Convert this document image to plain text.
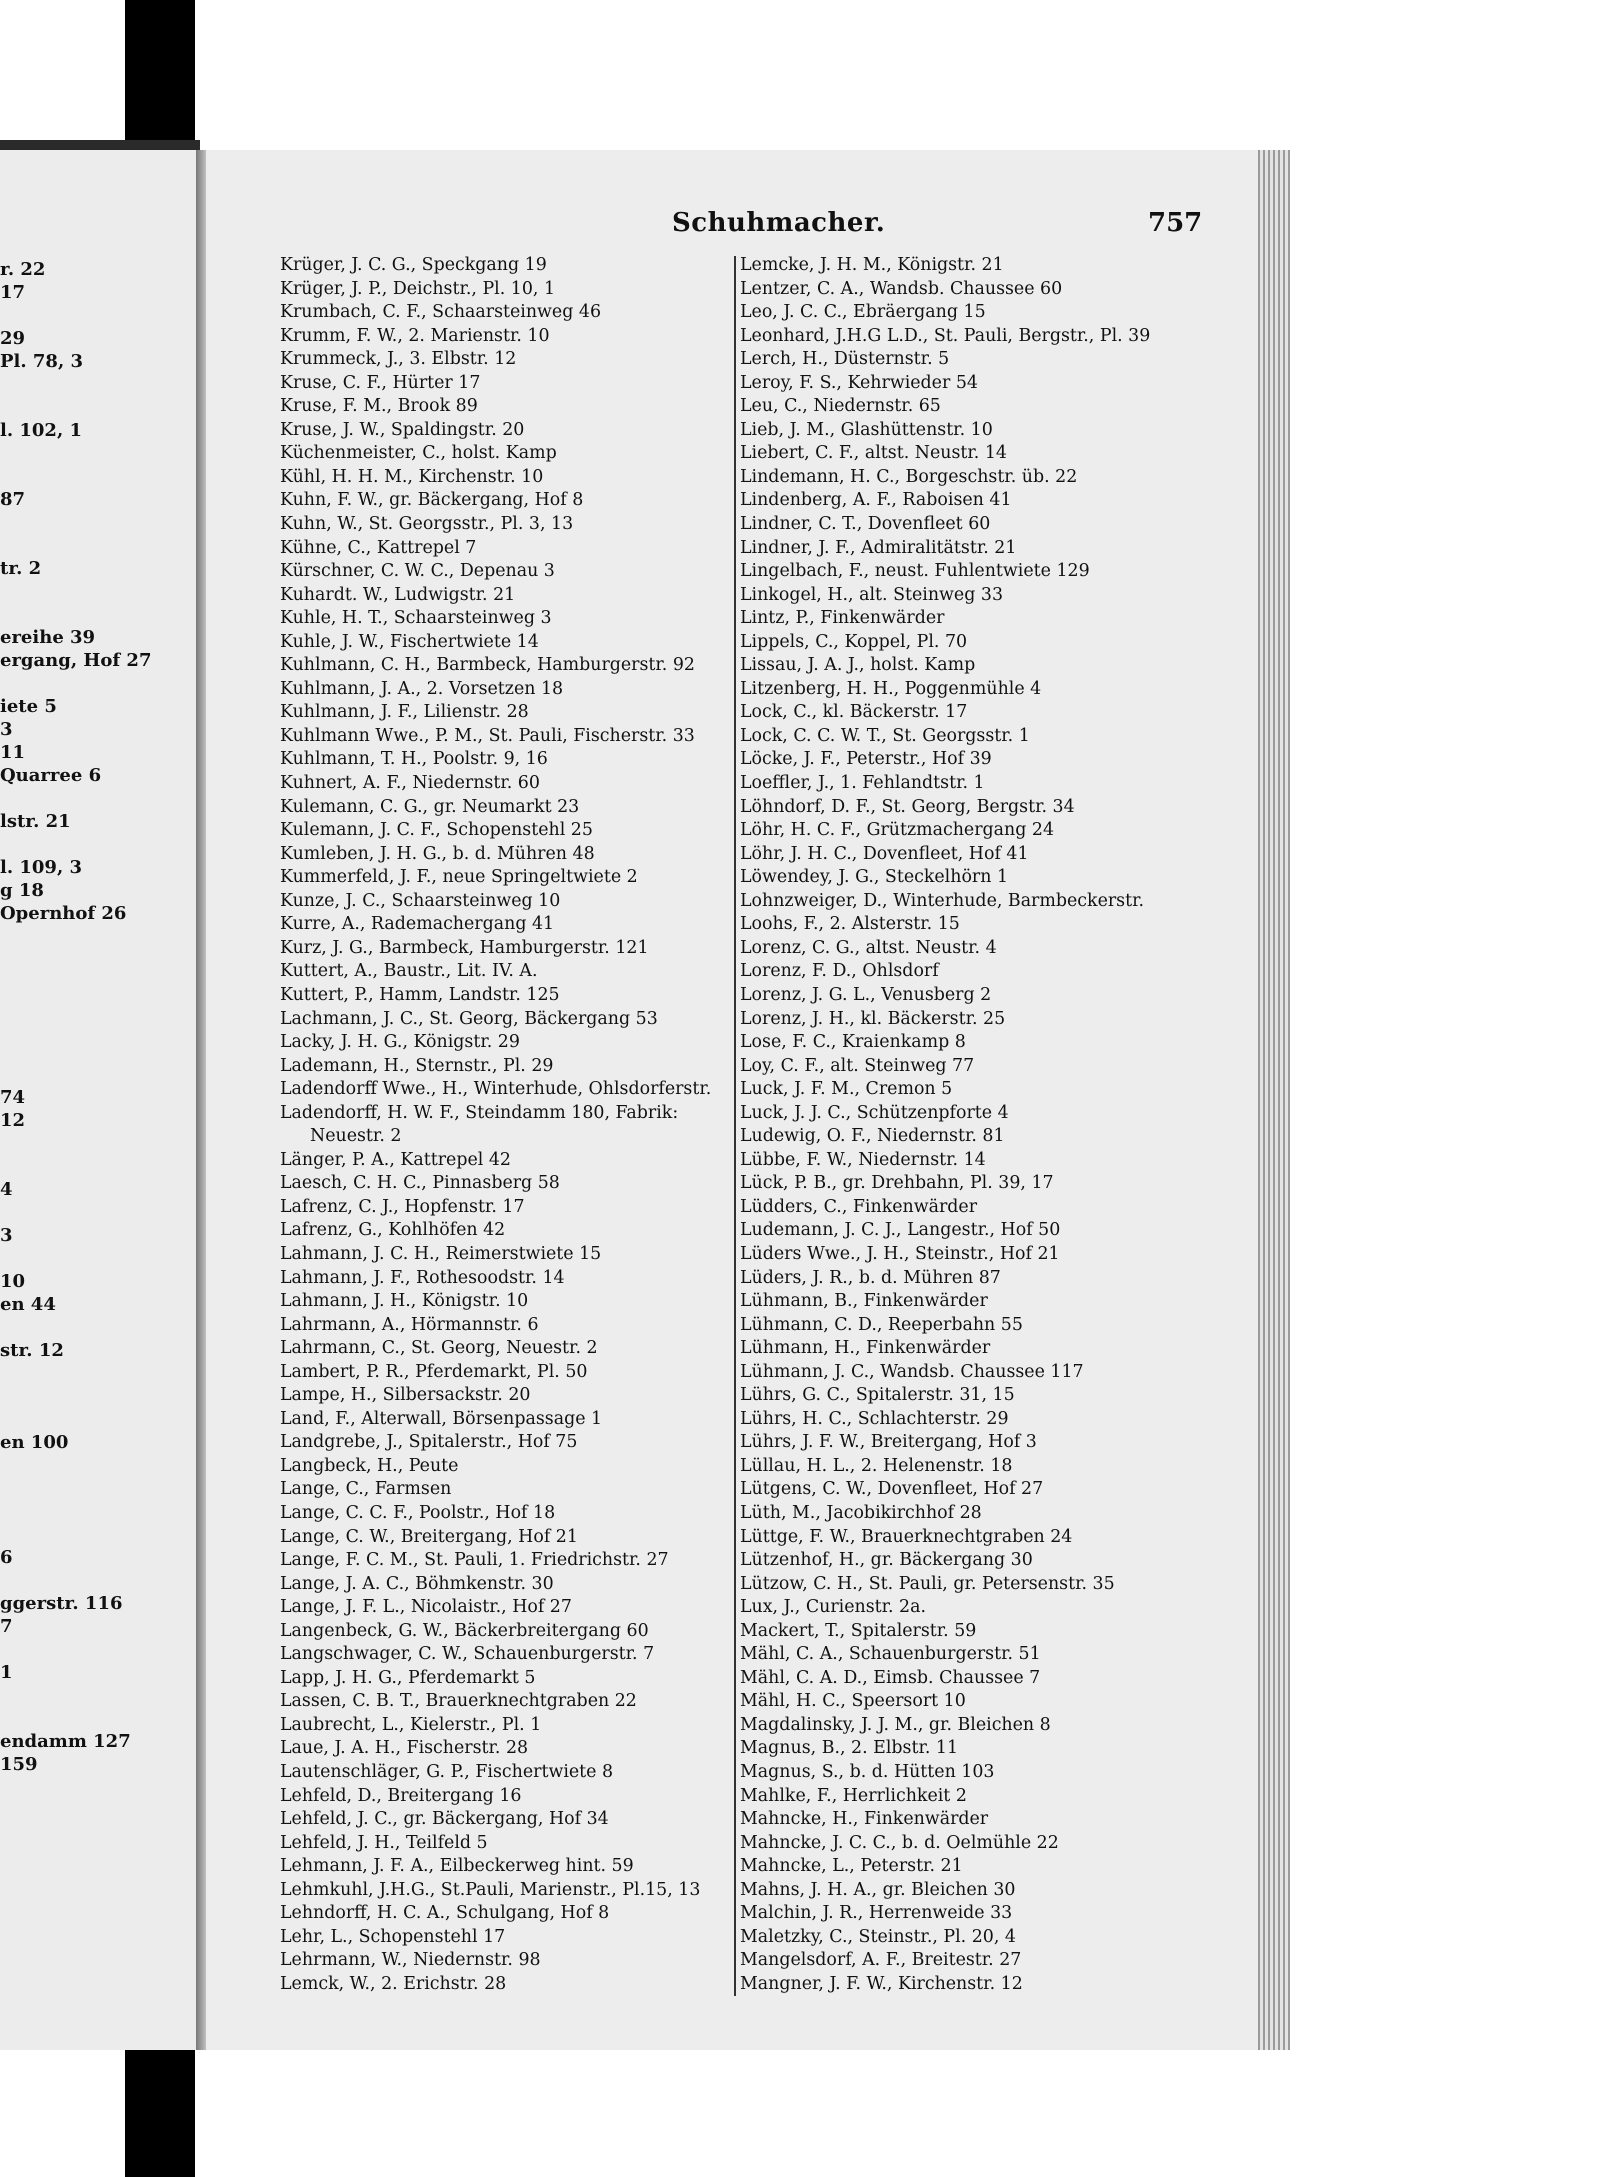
r. 22
17
29
Pl. 78, 3
l. 102, 1
87
tr. 2
ereihe 39
ergang, Hof 27
iete 5
3
11
Quarree 6
lstr. 21
l. 109, 3
g 18
Opernhof 26
74
12
4
3
10
en 44
str. 12
en 100
6
ggerstr. 116
7
1
endamm 127
159
Schuhmacher.	757
Krüger, J. C. G., Speckgang 19
Krüger, J. P., Deichstr., Pl. 10, 1
Krumbach, C. F., Schaarsteinweg 46
Krumm, F. W., 2. Marienstr. 10
Krummeck, J., 3. Elbstr. 12
Kruse, C. F., Hürter 17
Kruse, F. M., Brook 89
Kruse, J. W., Spaldingstr. 20
Küchenmeister, C., holst. Kamp
Kühl, H. H. M., Kirchenstr. 10
Kuhn, F. W., gr. Bäckergang, Hof 8
Kuhn, W., St. Georgsstr., Pl. 3, 13
Kühne, C., Kattrepel 7
Kürschner, C. W. C., Depenau 3
Kuhardt. W., Ludwigstr. 21
Kuhle, H. T., Schaarsteinweg 3
Kuhle, J. W., Fischertwiete 14
Kuhlmann, C. H., Barmbeck, Hamburgerstr. 92
Kuhlmann, J. A., 2. Vorsetzen 18
Kuhlmann, J. F., Lilienstr. 28
Kuhlmann Wwe., P. M., St. Pauli, Fischerstr. 33
Kuhlmann, T. H., Poolstr. 9, 16
Kuhnert, A. F., Niedernstr. 60
Kulemann, C. G., gr. Neumarkt 23
Kulemann, J. C. F., Schopenstehl 25
Kumleben, J. H. G., b. d. Mühren 48
Kummerfeld, J. F., neue Springeltwiete 2
Kunze, J. C., Schaarsteinweg 10
Kurre, A., Rademachergang 41
Kurz, J. G., Barmbeck, Hamburgerstr. 121
Kuttert, A., Baustr., Lit. IV. A.
Kuttert, P., Hamm, Landstr. 125
Lachmann, J. C., St. Georg, Bäckergang 53
Lacky, J. H. G., Königstr. 29
Lademann, H., Sternstr., Pl. 29
Ladendorff Wwe., H., Winterhude, Ohlsdorferstr.
Ladendorff, H. W. F., Steindamm 180, Fabrik:
Neuestr. 2
Länger, P. A., Kattrepel 42
Laesch, C. H. C., Pinnasberg 58
Lafrenz, C. J., Hopfenstr. 17
Lafrenz, G., Kohlhöfen 42
Lahmann, J. C. H., Reimerstwiete 15
Lahmann, J. F., Rothesoodstr. 14
Lahmann, J. H., Königstr. 10
Lahrmann, A., Hörmannstr. 6
Lahrmann, C., St. Georg, Neuestr. 2
Lambert, P. R., Pferdemarkt, Pl. 50
Lampe, H., Silbersackstr. 20
Land, F., Alterwall, Börsenpassage 1
Landgrebe, J., Spitalerstr., Hof 75
Langbeck, H., Peute
Lange, C., Farmsen
Lange, C. C. F., Poolstr., Hof 18
Lange, C. W., Breitergang, Hof 21
Lange, F. C. M., St. Pauli, 1. Friedrichstr. 27
Lange, J. A. C., Böhmkenstr. 30
Lange, J. F. L., Nicolaistr., Hof 27
Langenbeck, G. W., Bäckerbreitergang 60
Langschwager, C. W., Schauenburgerstr. 7
Lapp, J. H. G., Pferdemarkt 5
Lassen, C. B. T., Brauerknechtgraben 22
Laubrecht, L., Kielerstr., Pl. 1
Laue, J. A. H., Fischerstr. 28
Lautenschläger, G. P., Fischertwiete 8
Lehfeld, D., Breitergang 16
Lehfeld, J. C., gr. Bäckergang, Hof 34
Lehfeld, J. H., Teilfeld 5
Lehmann, J. F. A., Eilbeckerweg hint. 59
Lehmkuhl, J.H.G., St.Pauli, Marienstr., Pl.15, 13
Lehndorff, H. C. A., Schulgang, Hof 8
Lehr, L., Schopenstehl 17
Lehrmann, W., Niedernstr. 98
Lemck, W., 2. Erichstr. 28
Lemcke, J. H. M., Königstr. 21
Lentzer, C. A., Wandsb. Chaussee 60
Leo, J. C. C., Ebräergang 15
Leonhard, J.H.G L.D., St. Pauli, Bergstr., Pl. 39
Lerch, H., Düsternstr. 5
Leroy, F. S., Kehrwieder 54
Leu, C., Niedernstr. 65
Lieb, J. M., Glashüttenstr. 10
Liebert, C. F., altst. Neustr. 14
Lindemann, H. C., Borgeschstr. üb. 22
Lindenberg, A. F., Raboisen 41
Lindner, C. T., Dovenfleet 60
Lindner, J. F., Admiralitätstr. 21
Lingelbach, F., neust. Fuhlentwiete 129
Linkogel, H., alt. Steinweg 33
Lintz, P., Finkenwärder
Lippels, C., Koppel, Pl. 70
Lissau, J. A. J., holst. Kamp
Litzenberg, H. H., Poggenmühle 4
Lock, C., kl. Bäckerstr. 17
Lock, C. C. W. T., St. Georgsstr. 1
Löcke, J. F., Peterstr., Hof 39
Loeffler, J., 1. Fehlandtstr. 1
Löhndorf, D. F., St. Georg, Bergstr. 34
Löhr, H. C. F., Grützmachergang 24
Löhr, J. H. C., Dovenfleet, Hof 41
Löwendey, J. G., Steckelhörn 1
Lohnzweiger, D., Winterhude, Barmbeckerstr.
Loohs, F., 2. Alsterstr. 15
Lorenz, C. G., altst. Neustr. 4
Lorenz, F. D., Ohlsdorf
Lorenz, J. G. L., Venusberg 2
Lorenz, J. H., kl. Bäckerstr. 25
Lose, F. C., Kraienkamp 8
Loy, C. F., alt. Steinweg 77
Luck, J. F. M., Cremon 5
Luck, J. J. C., Schützenpforte 4
Ludewig, O. F., Niedernstr. 81
Lübbe, F. W., Niedernstr. 14
Lück, P. B., gr. Drehbahn, Pl. 39, 17
Lüdders, C., Finkenwärder
Ludemann, J. C. J., Langestr., Hof 50
Lüders Wwe., J. H., Steinstr., Hof 21
Lüders, J. R., b. d. Mühren 87
Lühmann, B., Finkenwärder
Lühmann, C. D., Reeperbahn 55
Lühmann, H., Finkenwärder
Lühmann, J. C., Wandsb. Chaussee 117
Lührs, G. C., Spitalerstr. 31, 15
Lührs, H. C., Schlachterstr. 29
Lührs, J. F. W., Breitergang, Hof 3
Lüllau, H. L., 2. Helenenstr. 18
Lütgens, C. W., Dovenfleet, Hof 27
Lüth, M., Jacobikirchhof 28
Lüttge, F. W., Brauerknechtgraben 24
Lützenhof, H., gr. Bäckergang 30
Lützow, C. H., St. Pauli, gr. Petersenstr. 35
Lux, J., Curienstr. 2a.
Mackert, T., Spitalerstr. 59
Mähl, C. A., Schauenburgerstr. 51
Mähl, C. A. D., Eimsb. Chaussee 7
Mähl, H. C., Speersort 10
Magdalinsky, J. J. M., gr. Bleichen 8
Magnus, B., 2. Elbstr. 11
Magnus, S., b. d. Hütten 103
Mahlke, F., Herrlichkeit 2
Mahncke, H., Finkenwärder
Mahncke, J. C. C., b. d. Oelmühle 22
Mahncke, L., Peterstr. 21
Mahns, J. H. A., gr. Bleichen 30
Malchin, J. R., Herrenweide 33
Maletzky, C., Steinstr., Pl. 20, 4
Mangelsdorf, A. F., Breitestr. 27
Mangner, J. F. W., Kirchenstr. 12
